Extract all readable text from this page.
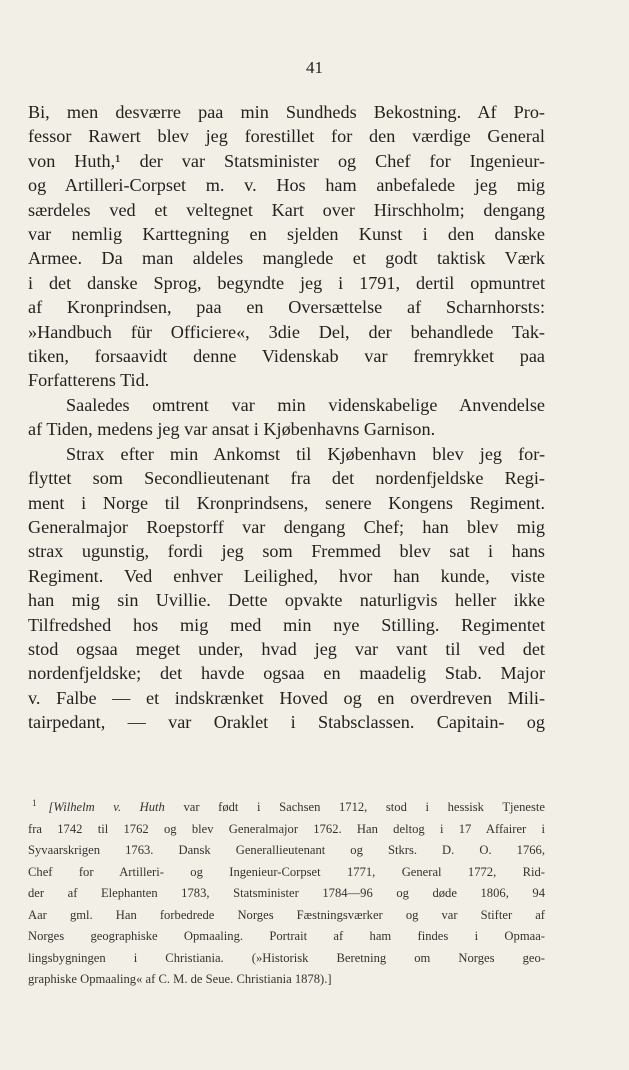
41
Bi, men desværre paa min Sundheds Bekostning. Af Pro-
fessor Rawert blev jeg forestillet for den værdige General
von Huth,¹ der var Statsminister og Chef for Ingenieur-
og Artilleri-Corpset m. v. Hos ham anbefalede jeg mig
særdeles ved et veltegnet Kart over Hirschholm; dengang
var nemlig Karttegning en sjelden Kunst i den danske
Armee. Da man aldeles manglede et godt taktisk Værk
i det danske Sprog, begyndte jeg i 1791, dertil opmuntret
af Kronprindsen, paa en Oversættelse af Scharnhorsts:
»Handbuch für Officiere«, 3die Del, der behandlede Tak-
tiken, forsaavidt denne Videnskab var fremrykket paa
Forfatterens Tid.
Saaledes omtrent var min videnskabelige Anvendelse
af Tiden, medens jeg var ansat i Kjøbenhavns Garnison.
Strax efter min Ankomst til Kjøbenhavn blev jeg for-
flyttet som Secondlieutenant fra det nordenfjeldske Regi-
ment i Norge til Kronprindsens, senere Kongens Regiment.
Generalmajor Roepstorff var dengang Chef; han blev mig
strax ugunstig, fordi jeg som Fremmed blev sat i hans
Regiment. Ved enhver Leilighed, hvor han kunde, viste
han mig sin Uvillie. Dette opvakte naturligvis heller ikke
Tilfredshed hos mig med min nye Stilling. Regimentet
stod ogsaa meget under, hvad jeg var vant til ved det
nordenfjeldske; det havde ogsaa en maadelig Stab. Major
v. Falbe — et indskrænket Hoved og en overdreven Mili-
tairpedant, — var Oraklet i Stabsclassen. Capitain- og
$^1$ [Wilhelm v. Huth var født i Sachsen 1712, stod i hessisk Tjeneste
fra 1742 til 1762 og blev Generalmajor 1762. Han deltog i 17 Affairer i
Syvaarskrigen 1763. Dansk Generallieutenant og Stkrs. D. O. 1766,
Chef for Artilleri- og Ingenieur-Corpset 1771, General 1772, Rid-
der af Elephanten 1783, Statsminister 1784—96 og døde 1806, 94
Aar gml. Han forbedrede Norges Fæstningsværker og var Stifter af
Norges geographiske Opmaaling. Portrait af ham findes i Opmaa-
lingsbygningen i Christiania. (»Historisk Beretning om Norges geo-
graphiske Opmaaling« af C. M. de Seue. Christiania 1878).]
